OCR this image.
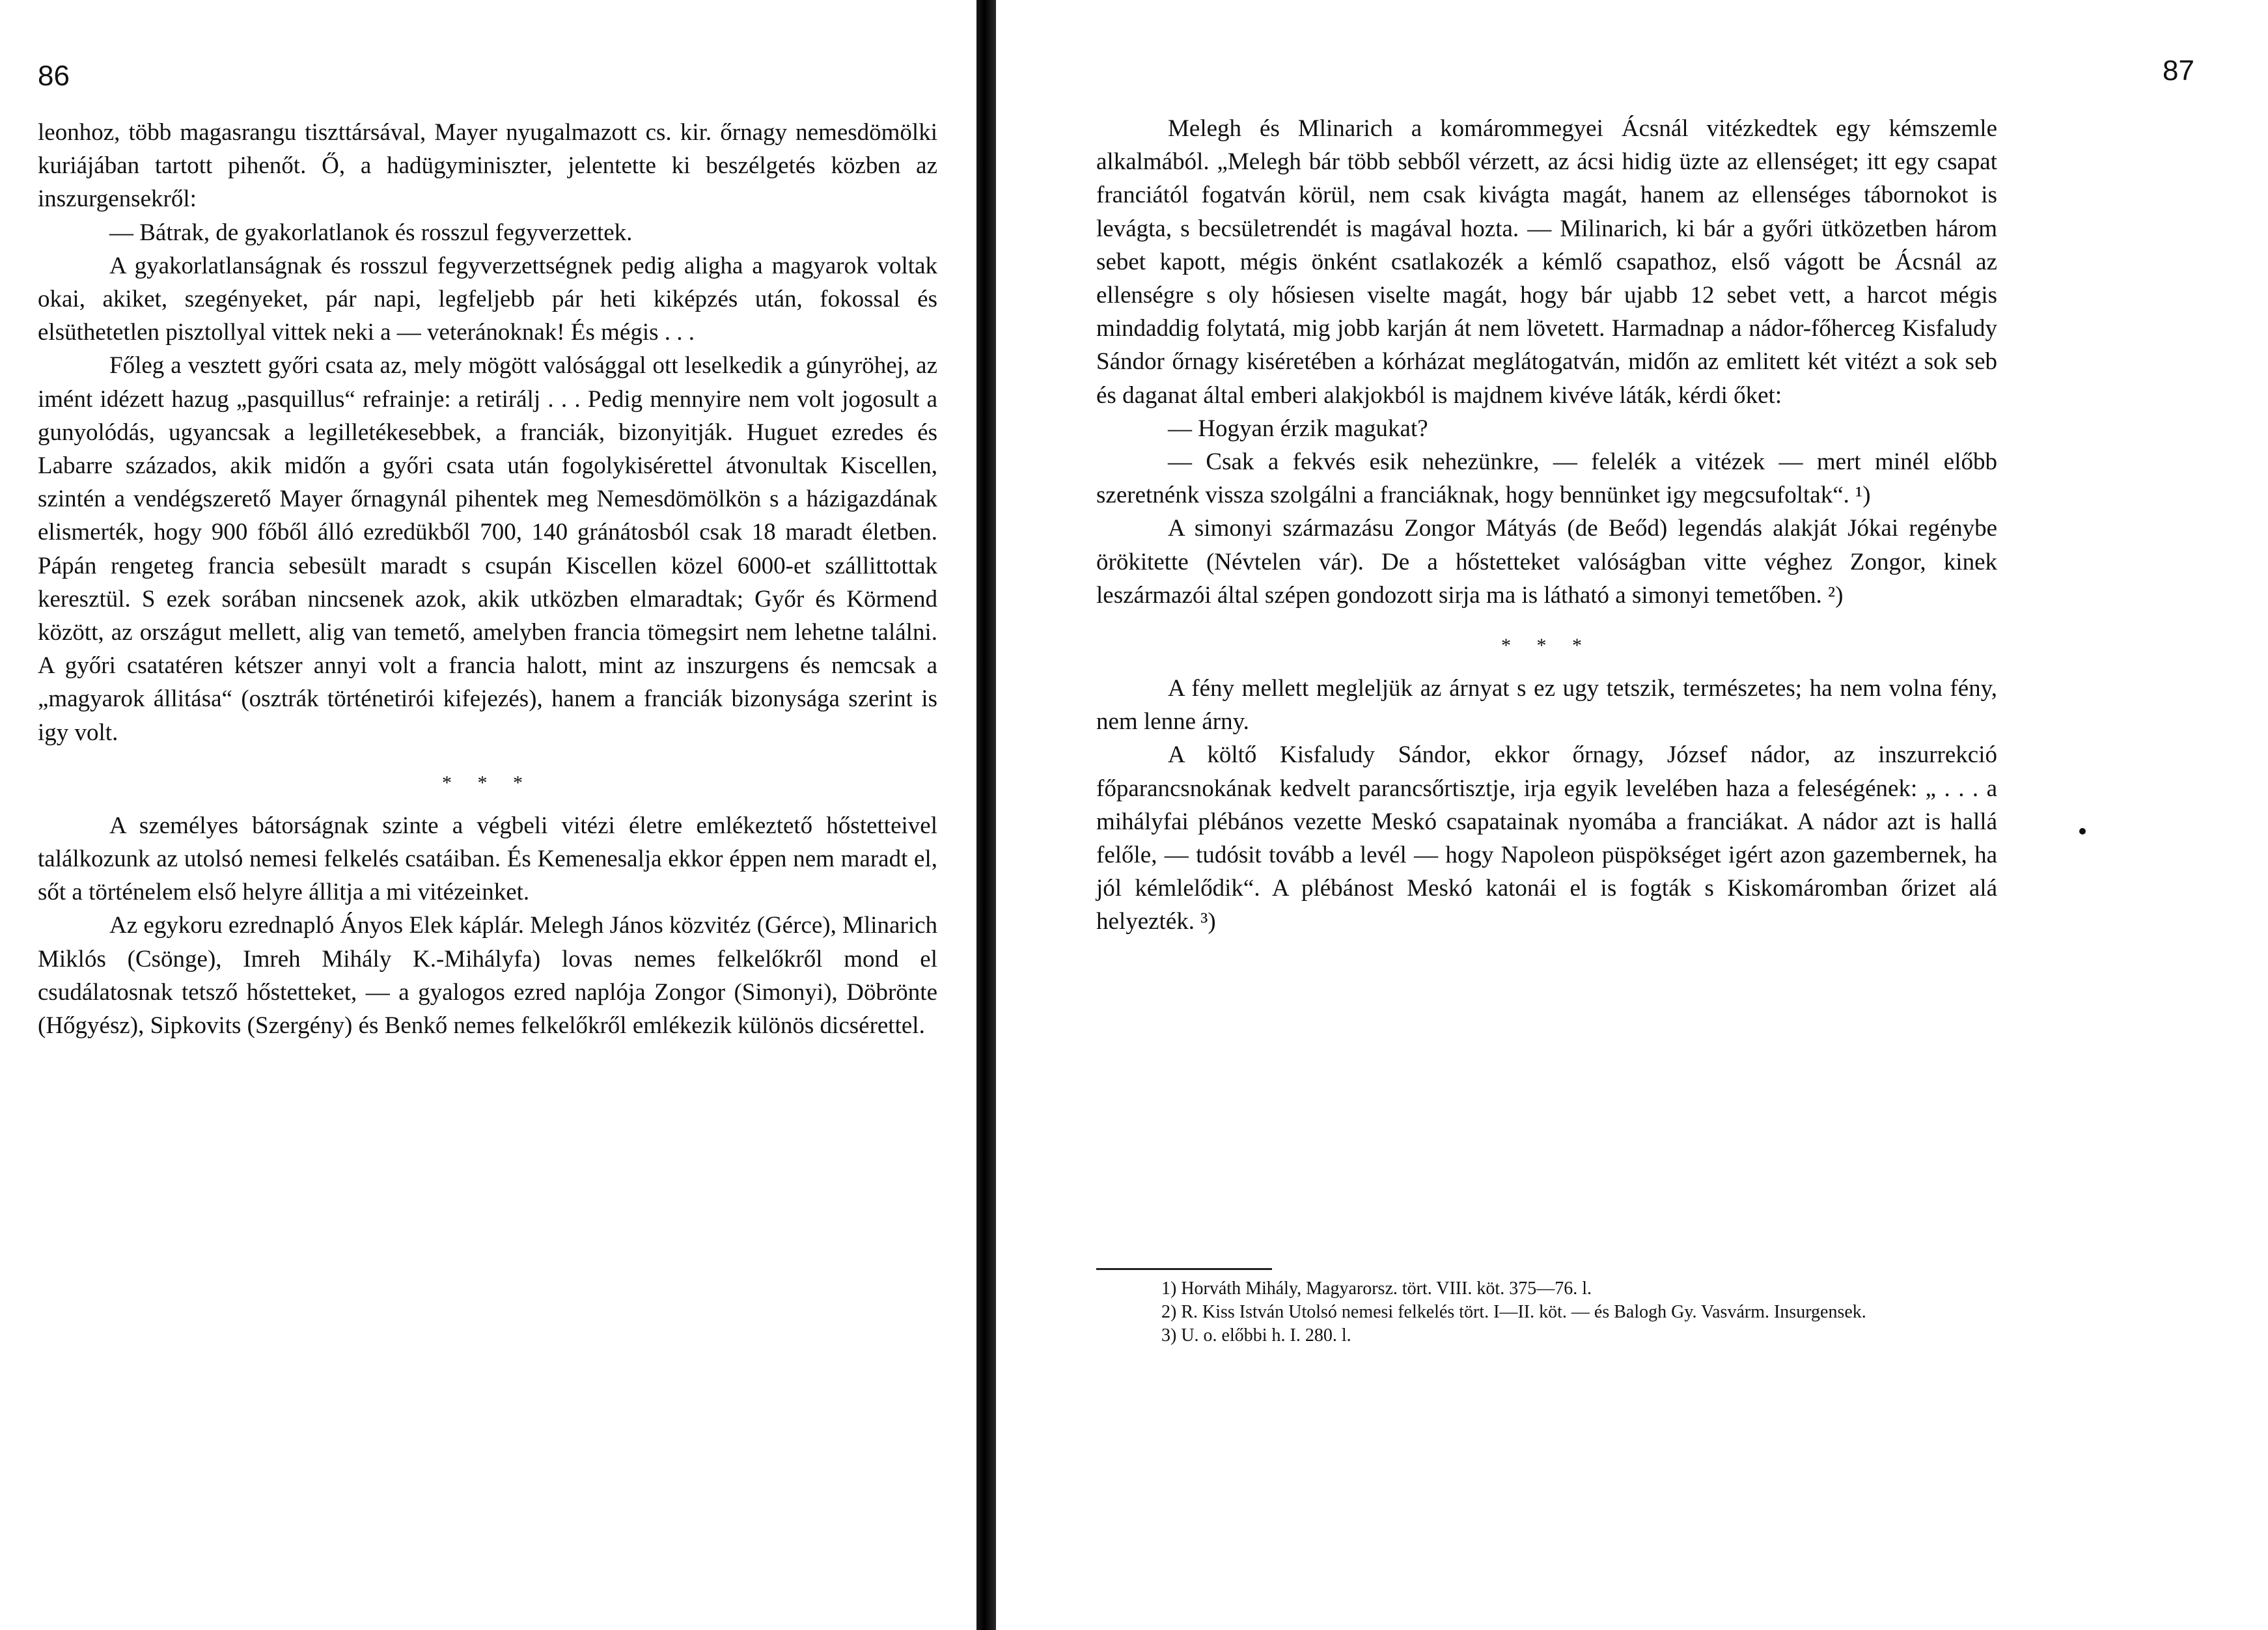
86

leonhoz, több magasrangu tiszttársával, Mayer nyugalmazott cs. kir. őrnagy nemesdömölki kuriájában tartott pihenőt. Ő, a hadügyminiszter, jelentette ki beszélgetés közben az inszurgensekről:

— Bátrak, de gyakorlatlanok és rosszul fegyverzettek.

A gyakorlatlanságnak és rosszul fegyverzettségnek pedig aligha a magyarok voltak okai, akiket, szegényeket, pár napi, legfeljebb pár heti kiképzés után, fokossal és elsüthetetlen pisztollyal vittek neki a — veteránoknak! És mégis . . .

Főleg a vesztett győri csata az, mely mögött valósággal ott leselkedik a gúnyröhej, az imént idézett hazug „pasquillus“ refrainje: a retirálj . . . Pedig mennyire nem volt jogosult a gunyolódás, ugyancsak a legilletékesebbek, a franciák, bizonyitják. Huguet ezredes és Labarre százados, akik midőn a győri csata után fogolykisérettel átvonultak Kiscellen, szintén a vendégszerető Mayer őrnagynál pihentek meg Nemesdömölkön s a házigazdának elismerték, hogy 900 főből álló ezredükből 700, 140 gránátosból csak 18 maradt életben. Pápán rengeteg francia sebesült maradt s csupán Kiscellen közel 6000-et szállittottak keresztül. S ezek sorában nincsenek azok, akik utközben elmaradtak; Győr és Körmend között, az országut mellett, alig van temető, amelyben francia tömegsirt nem lehetne találni. A győri csatatéren kétszer annyi volt a francia halott, mint az inszurgens és nemcsak a „magyarok állitása“ (osztrák történetirói kifejezés), hanem a franciák bizonysága szerint is igy volt.

* * *

A személyes bátorságnak szinte a végbeli vitézi életre emlékeztető hőstetteivel találkozunk az utolsó nemesi felkelés csatáiban. És Kemenesalja ekkor éppen nem maradt el, sőt a történelem első helyre állitja a mi vitézeinket.

Az egykoru ezrednapló Ányos Elek káplár. Melegh János közvitéz (Gérce), Mlinarich Miklós (Csönge), Imreh Mihály K.-Mihályfa) lovas nemes felkelőkről mond el csudálatosnak tetsző hőstetteket, — a gyalogos ezred naplója Zongor (Simonyi), Döbrönte (Hőgyész), Sipkovits (Szergény) és Benkő nemes felkelőkről emlékezik különös dicsérettel.

87

Melegh és Mlinarich a komárommegyei Ácsnál vitézkedtek egy kémszemle alkalmából. „Melegh bár több sebből vérzett, az ácsi hidig üzte az ellenséget; itt egy csapat franciától fogatván körül, nem csak kivágta magát, hanem az ellenséges tábornokot is levágta, s becsületrendét is magával hozta. — Milinarich, ki bár a győri ütközetben három sebet kapott, mégis önként csatlakozék a kémlő csapathoz, első vágott be Ácsnál az ellenségre s oly hősiesen viselte magát, hogy bár ujabb 12 sebet vett, a harcot mégis mindaddig folytatá, mig jobb karján át nem lövetett. Harmadnap a nádor-főherceg Kisfaludy Sándor őrnagy kiséretében a kórházat meglátogatván, midőn az emlitett két vitézt a sok seb és daganat által emberi alakjokból is majdnem kivéve láták, kérdi őket:

— Hogyan érzik magukat?

— Csak a fekvés esik nehezünkre, — felelék a vitézek — mert minél előbb szeretnénk vissza szolgálni a franciáknak, hogy bennünket igy megcsufoltak“. ¹)

A simonyi származásu Zongor Mátyás (de Beőd) legendás alakját Jókai regénybe örökitette (Névtelen vár). De a hőstetteket valóságban vitte véghez Zongor, kinek leszármazói által szépen gondozott sirja ma is látható a simonyi temetőben. ²)

* * *

A fény mellett megleljük az árnyat s ez ugy tetszik, természetes; ha nem volna fény, nem lenne árny.

A költő Kisfaludy Sándor, ekkor őrnagy, József nádor, az inszurrekció főparancsnokának kedvelt parancsőrtisztje, irja egyik levelében haza a feleségének: „ . . . a mihályfai plébános vezette Meskó csapatainak nyomába a franciákat. A nádor azt is hallá felőle, — tudósit tovább a levél — hogy Napoleon püspökséget igért azon gazembernek, ha jól kémlelődik“. A plébánost Meskó katonái el is fogták s Kiskomáromban őrizet alá helyezték. ³)

1) Horváth Mihály, Magyarorsz. tört. VIII. köt. 375—76. l.

2) R. Kiss István Utolsó nemesi felkelés tört. I—II. köt. — és Balogh Gy. Vasvárm. Insurgensek.

3) U. o. előbbi h. I. 280. l.
